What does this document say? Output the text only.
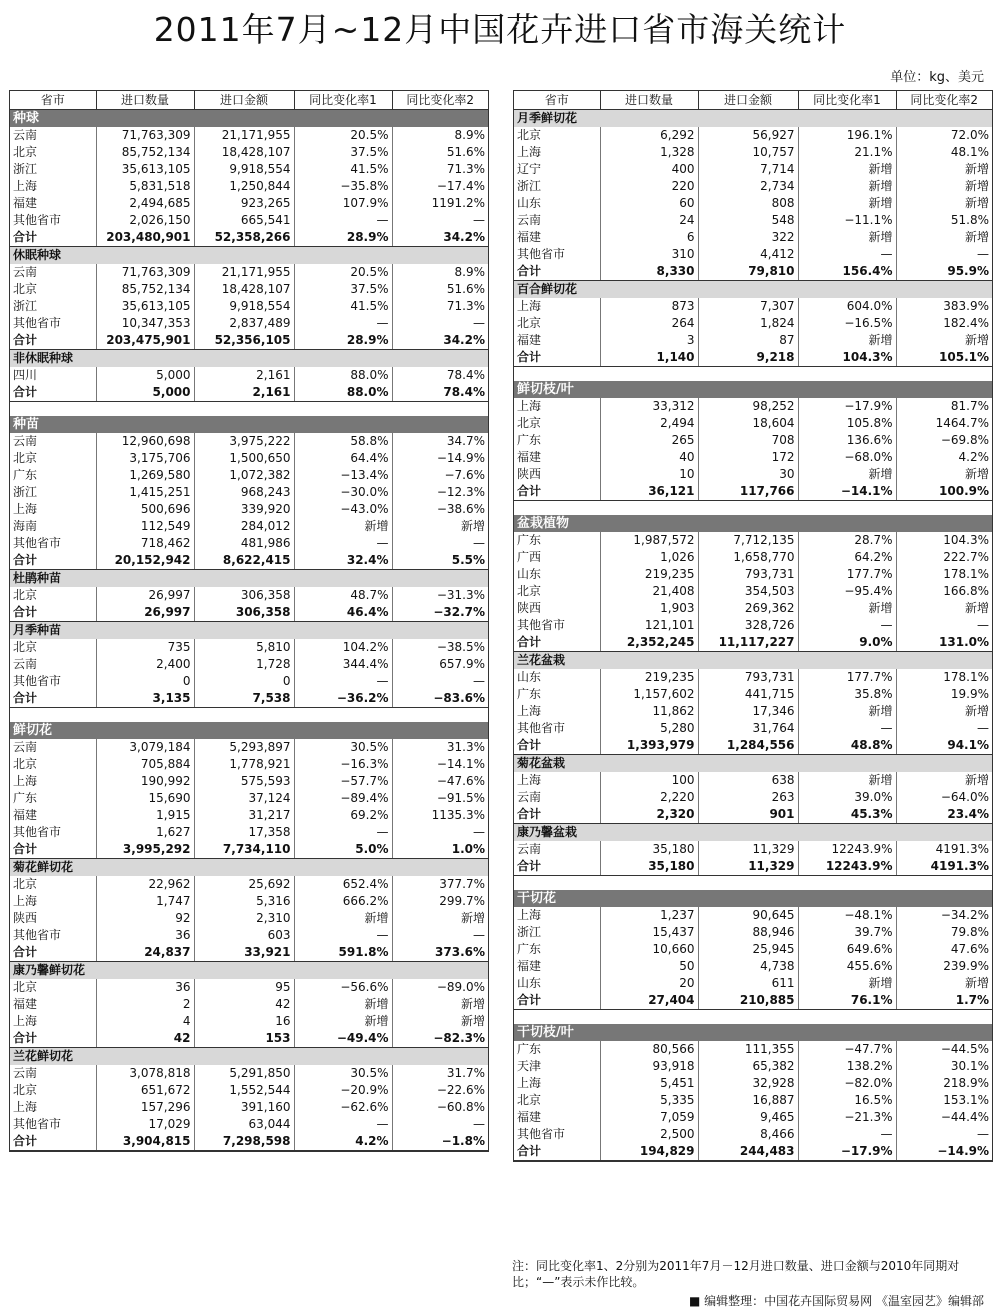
2011年7月~12月中国花卉进口省市海关统计
单位：kg、美元
省市	进口数量	进口金额	同比变化率1	同比变化率2
种球				
云南	71,763,309	21,171,955	20.5%	8.9%
北京	85,752,134	18,428,107	37.5%	51.6%
浙江	35,613,105	9,918,554	41.5%	71.3%
上海	5,831,518	1,250,844	−35.8%	−17.4%
福建	2,494,685	923,265	107.9%	1191.2%
其他省市	2,026,150	665,541	—	—
合计	203,480,901	52,358,266	28.9%	34.2%
休眠种球				
云南	71,763,309	21,171,955	20.5%	8.9%
北京	85,752,134	18,428,107	37.5%	51.6%
浙江	35,613,105	9,918,554	41.5%	71.3%
其他省市	10,347,353	2,837,489	—	—
合计	203,475,901	52,356,105	28.9%	34.2%
非休眠种球				
四川	5,000	2,161	88.0%	78.4%
合计	5,000	2,161	88.0%	78.4%

种苗				
云南	12,960,698	3,975,222	58.8%	34.7%
北京	3,175,706	1,500,650	64.4%	−14.9%
广东	1,269,580	1,072,382	−13.4%	−7.6%
浙江	1,415,251	968,243	−30.0%	−12.3%
上海	500,696	339,920	−43.0%	−38.6%
海南	112,549	284,012	新增	新增
其他省市	718,462	481,986	—	—
合计	20,152,942	8,622,415	32.4%	5.5%
杜鹃种苗				
北京	26,997	306,358	48.7%	−31.3%
合计	26,997	306,358	46.4%	−32.7%
月季种苗				
北京	735	5,810	104.2%	−38.5%
云南	2,400	1,728	344.4%	657.9%
其他省市	0	0	—	—
合计	3,135	7,538	−36.2%	−83.6%

鲜切花				
云南	3,079,184	5,293,897	30.5%	31.3%
北京	705,884	1,778,921	−16.3%	−14.1%
上海	190,992	575,593	−57.7%	−47.6%
广东	15,690	37,124	−89.4%	−91.5%
福建	1,915	31,217	69.2%	1135.3%
其他省市	1,627	17,358	—	—
合计	3,995,292	7,734,110	5.0%	1.0%
菊花鲜切花				
北京	22,962	25,692	652.4%	377.7%
上海	1,747	5,316	666.2%	299.7%
陕西	92	2,310	新增	新增
其他省市	36	603	—	—
合计	24,837	33,921	591.8%	373.6%
康乃馨鲜切花				
北京	36	95	−56.6%	−89.0%
福建	2	42	新增	新增
上海	4	16	新增	新增
合计	42	153	−49.4%	−82.3%
兰花鲜切花				
云南	3,078,818	5,291,850	30.5%	31.7%
北京	651,672	1,552,544	−20.9%	−22.6%
上海	157,296	391,160	−62.6%	−60.8%
其他省市	17,029	63,044	—	—
合计	3,904,815	7,298,598	4.2%	−1.8%
省市	进口数量	进口金额	同比变化率1	同比变化率2
月季鲜切花				
北京	6,292	56,927	196.1%	72.0%
上海	1,328	10,757	21.1%	48.1%
辽宁	400	7,714	新增	新增
浙江	220	2,734	新增	新增
山东	60	808	新增	新增
云南	24	548	−11.1%	51.8%
福建	6	322	新增	新增
其他省市	310	4,412	—	—
合计	8,330	79,810	156.4%	95.9%
百合鲜切花				
上海	873	7,307	604.0%	383.9%
北京	264	1,824	−16.5%	182.4%
福建	3	87	新增	新增
合计	1,140	9,218	104.3%	105.1%

鲜切枝/叶				
上海	33,312	98,252	−17.9%	81.7%
北京	2,494	18,604	105.8%	1464.7%
广东	265	708	136.6%	−69.8%
福建	40	172	−68.0%	4.2%
陕西	10	30	新增	新增
合计	36,121	117,766	−14.1%	100.9%

盆栽植物				
广东	1,987,572	7,712,135	28.7%	104.3%
广西	1,026	1,658,770	64.2%	222.7%
山东	219,235	793,731	177.7%	178.1%
北京	21,408	354,503	−95.4%	166.8%
陕西	1,903	269,362	新增	新增
其他省市	121,101	328,726	—	—
合计	2,352,245	11,117,227	9.0%	131.0%
兰花盆栽				
山东	219,235	793,731	177.7%	178.1%
广东	1,157,602	441,715	35.8%	19.9%
上海	11,862	17,346	新增	新增
其他省市	5,280	31,764	—	—
合计	1,393,979	1,284,556	48.8%	94.1%
菊花盆栽				
上海	100	638	新增	新增
云南	2,220	263	39.0%	−64.0%
合计	2,320	901	45.3%	23.4%
康乃馨盆栽				
云南	35,180	11,329	12243.9%	4191.3%
合计	35,180	11,329	12243.9%	4191.3%

干切花				
上海	1,237	90,645	−48.1%	−34.2%
浙江	15,437	88,946	39.7%	79.8%
广东	10,660	25,945	649.6%	47.6%
福建	50	4,738	455.6%	239.9%
山东	20	611	新增	新增
合计	27,404	210,885	76.1%	1.7%

干切枝/叶				
广东	80,566	111,355	−47.7%	−44.5%
天津	93,918	65,382	138.2%	30.1%
上海	5,451	32,928	−82.0%	218.9%
北京	5,335	16,887	16.5%	153.1%
福建	7,059	9,465	−21.3%	−44.4%
其他省市	2,500	8,466	—	—
合计	194,829	244,483	−17.9%	−14.9%
注：同比变化率1、2分别为2011年7月－12月进口数量、进口金额与2010年同期对比；“—”表示未作比较。
■ 编辑整理：中国花卉国际贸易网 《温室园艺》编辑部
